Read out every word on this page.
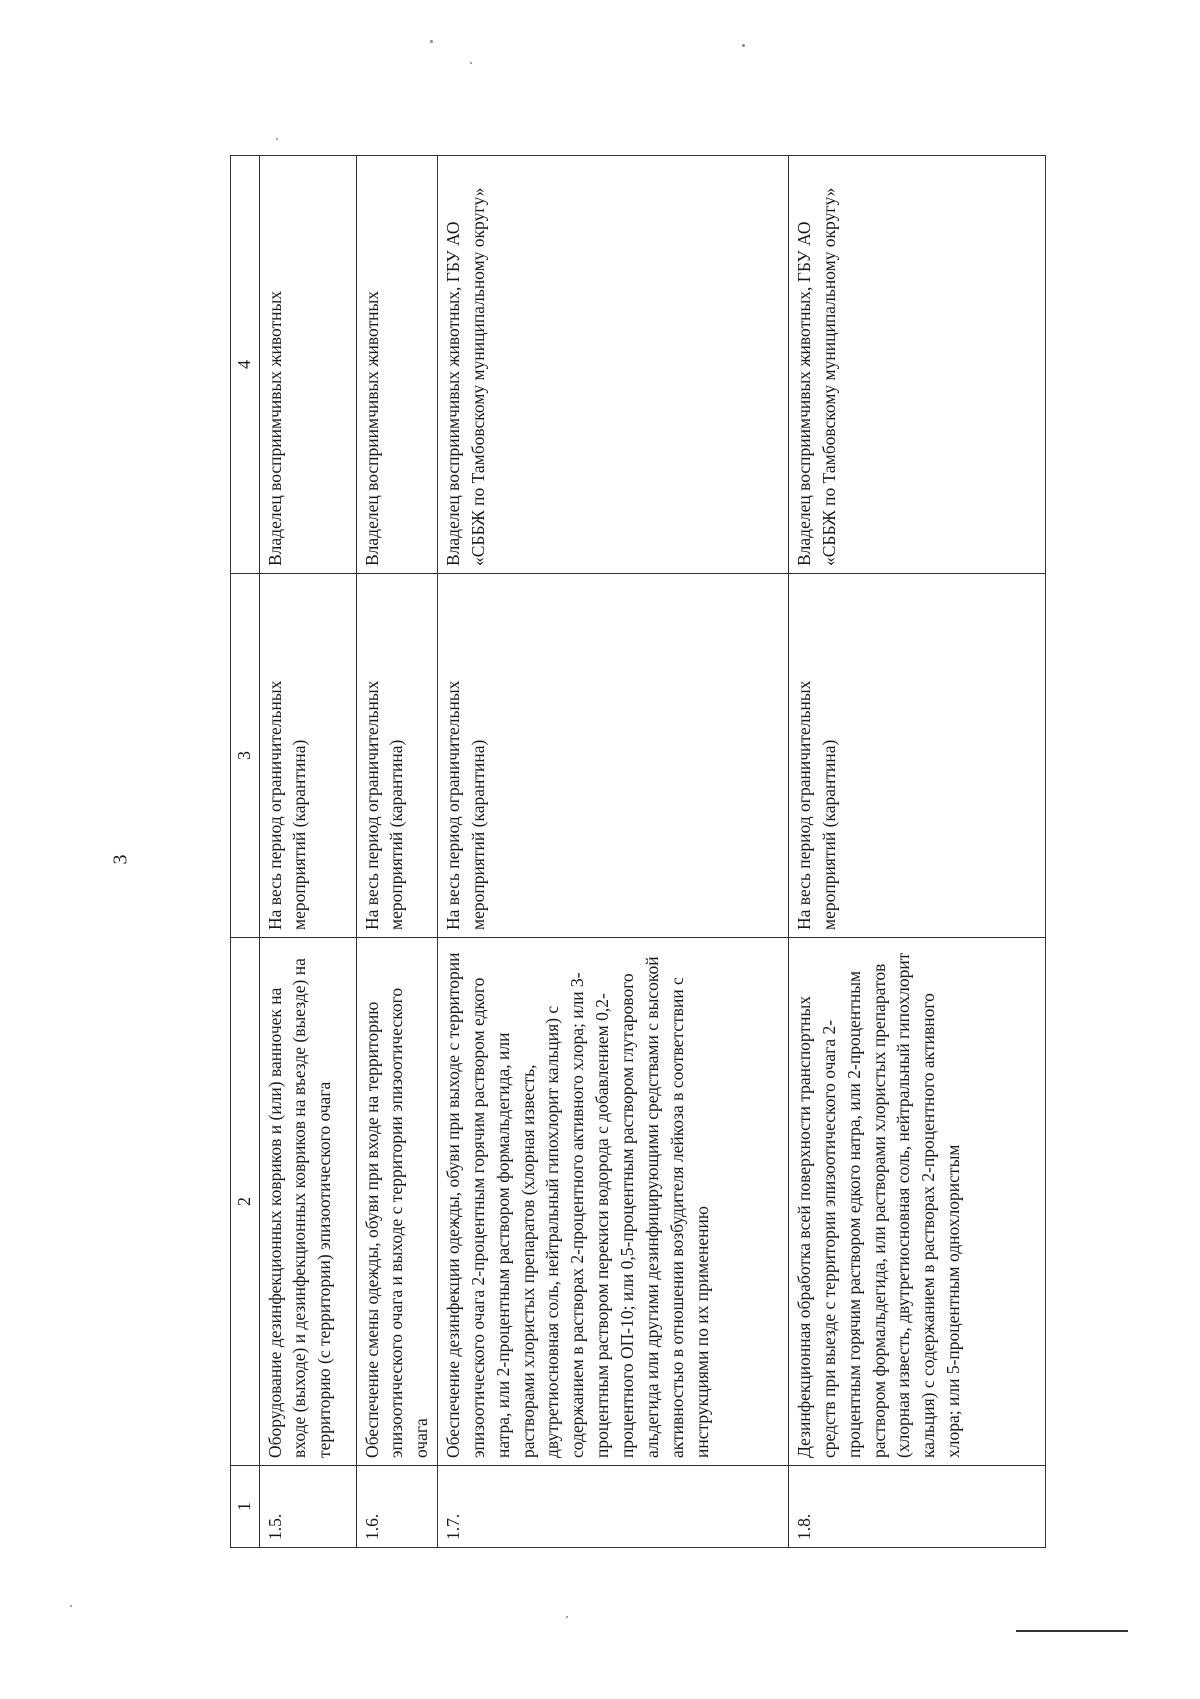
3
1	2	3	4
1.5.	Оборудование дезинфекционных ковриков и (или) ванночек на входе (выходе) и дезинфекционных ковриков на въезде (выезде) на территорию (с территории) эпизоотического очага	На весь период ограничительных мероприятий (карантина)	Владелец восприимчивых животных
1.6.	Обеспечение смены одежды, обуви при входе на территорию эпизоотического очага и выходе с территории эпизоотического очага	На весь период ограничительных мероприятий (карантина)	Владелец восприимчивых животных
1.7.	Обеспечение дезинфекции одежды, обуви при выходе с территории эпизоотического очага 2-процентным горячим раствором едкого натра, или 2-процентным раствором формальдегида, или растворами хлористых препаратов (хлорная известь, двутретиосновная соль, нейтральный гипохлорит кальция) с содержанием в растворах 2-процентного активного хлора; или 3-процентным раствором перекиси водорода с добавлением 0,2-процентного ОП-10; или 0,5-процентным раствором глутарового альдегида или другими дезинфицирующими средствами с высокой активностью в отношении возбудителя лейкоза в соответствии с инструкциями по их применению	На весь период ограничительных мероприятий (карантина)	Владелец восприимчивых животных, ГБУ АО «СББЖ по Тамбовскому муниципальному округу»
1.8.	Дезинфекционная обработка всей поверхности транспортных средств при выезде с территории эпизоотического очага 2-процентным горячим раствором едкого натра, или 2-процентным раствором формальдегида, или растворами хлористых препаратов (хлорная известь, двутретиосновная соль, нейтральный гипохлорит кальция) с содержанием в растворах 2-процентного активного хлора; или 5-процентным однохлористым	На весь период ограничительных мероприятий (карантина)	Владелец восприимчивых животных, ГБУ АО «СББЖ по Тамбовскому муниципальному округу»
